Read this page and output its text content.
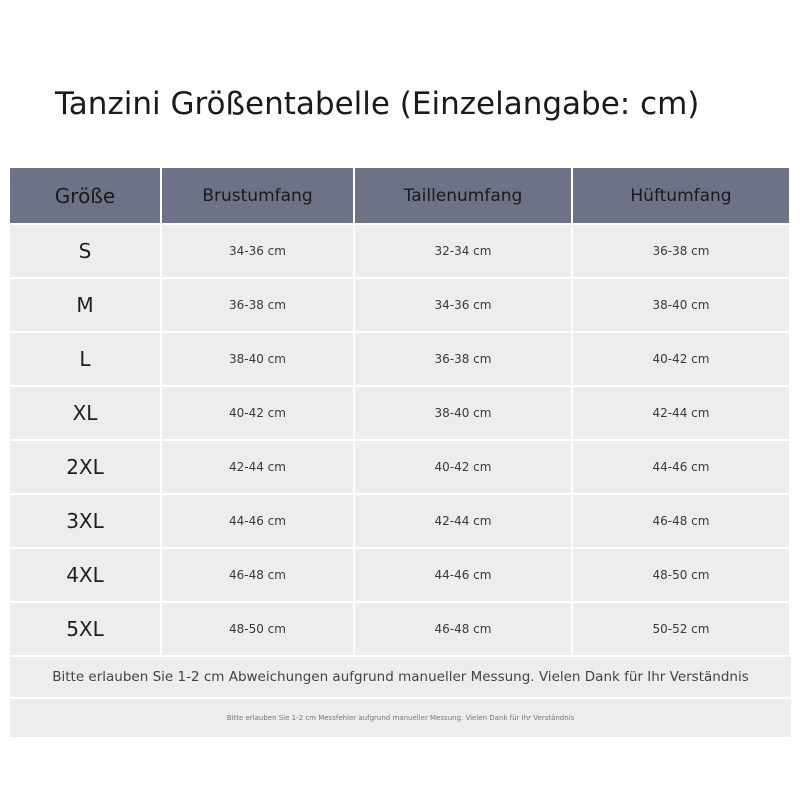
Tanzini Größentabelle (Einzelangabe: cm)
Größe	Brustumfang	Taillenumfang	Hüftumfang
S	34-36 cm	32-34 cm	36-38 cm
M	36-38 cm	34-36 cm	38-40 cm
L	38-40 cm	36-38 cm	40-42 cm
XL	40-42 cm	38-40 cm	42-44 cm
2XL	42-44 cm	40-42 cm	44-46 cm
3XL	44-46 cm	42-44 cm	46-48 cm
4XL	46-48 cm	44-46 cm	48-50 cm
5XL	48-50 cm	46-48 cm	50-52 cm
Bitte erlauben Sie 1-2 cm Abweichungen aufgrund manueller Messung. Vielen Dank für Ihr Verständnis
Bitte erlauben Sie 1-2 cm Messfehler aufgrund manueller Messung. Vielen Dank für Ihr Verständnis
